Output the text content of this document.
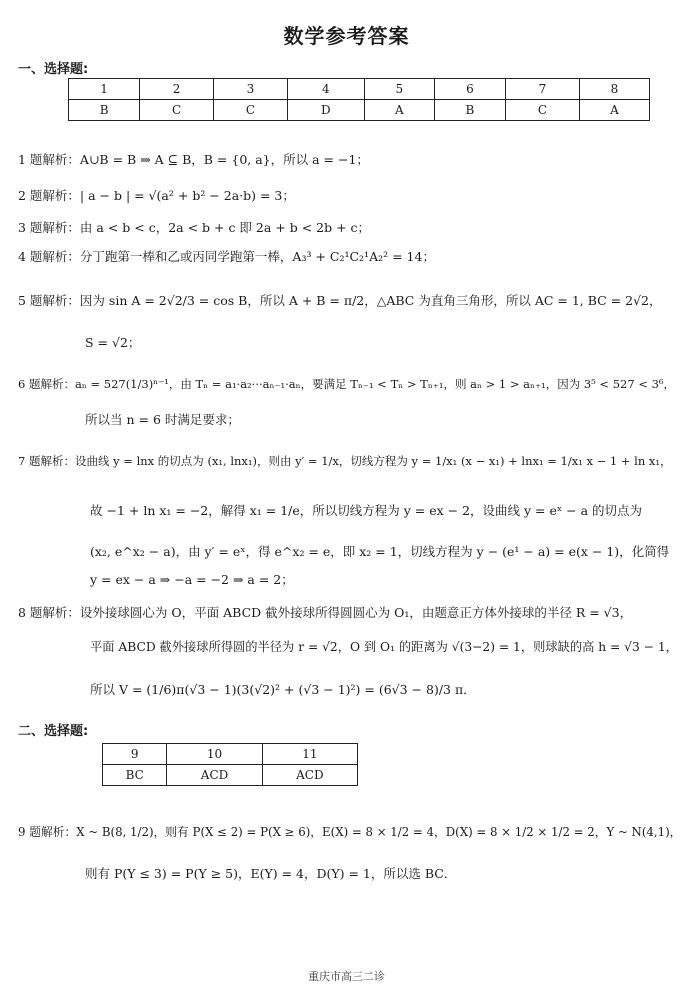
数学参考答案
一、选择题:
1	2	3	4	5	6	7	8
B	C	C	D	A	B	C	A
1 题解析：A∪B = B ⇒ A ⊆ B，B = {0, a}，所以 a = −1；
2 题解析：| a − b | = √(a² + b² − 2a·b) = 3；
3 题解析：由 a < b < c，2a < b + c 即 2a + b < 2b + c；
4 题解析：分丁跑第一棒和乙或丙同学跑第一棒，A₃³ + C₂¹C₂¹A₂² = 14；
5 题解析：因为 sin A = 2√2/3 = cos B，所以 A + B = π/2，△ABC 为直角三角形，所以 AC = 1, BC = 2√2，
S = √2；
6 题解析：aₙ = 527(1/3)ⁿ⁻¹，由 Tₙ = a₁·a₂···aₙ₋₁·aₙ，要满足 Tₙ₋₁ < Tₙ > Tₙ₊₁，则 aₙ > 1 > aₙ₊₁，因为 3⁵ < 527 < 3⁶，
所以当 n = 6 时满足要求；
7 题解析：设曲线 y = lnx 的切点为 (x₁, lnx₁)，则由 y′ = 1/x，切线方程为 y = 1/x₁ (x − x₁) + lnx₁ = 1/x₁ x − 1 + ln x₁，
故 −1 + ln x₁ = −2，解得 x₁ = 1/e，所以切线方程为 y = ex − 2，设曲线 y = eˣ − a 的切点为
(x₂, e^x₂ − a)，由 y′ = eˣ，得 e^x₂ = e，即 x₂ = 1，切线方程为 y − (e¹ − a) = e(x − 1)，化简得
y = ex − a ⇒ −a = −2 ⇒ a = 2；
8 题解析：设外接球圆心为 O，平面 ABCD 截外接球所得圆圆心为 O₁，由题意正方体外接球的半径 R = √3，
平面 ABCD 截外接球所得圆的半径为 r = √2，O 到 O₁ 的距离为 √(3−2) = 1，则球缺的高 h = √3 − 1，
所以 V = (1/6)π(√3 − 1)(3(√2)² + (√3 − 1)²) = (6√3 − 8)/3 π．
二、选择题:
9	10	11
BC	ACD	ACD
9 题解析：X ~ B(8, 1/2)，则有 P(X ≤ 2) = P(X ≥ 6)，E(X) = 8 × 1/2 = 4，D(X) = 8 × 1/2 × 1/2 = 2，Y ~ N(4,1)，
则有 P(Y ≤ 3) = P(Y ≥ 5)，E(Y) = 4，D(Y) = 1，所以选 BC．
重庆市高三二诊
